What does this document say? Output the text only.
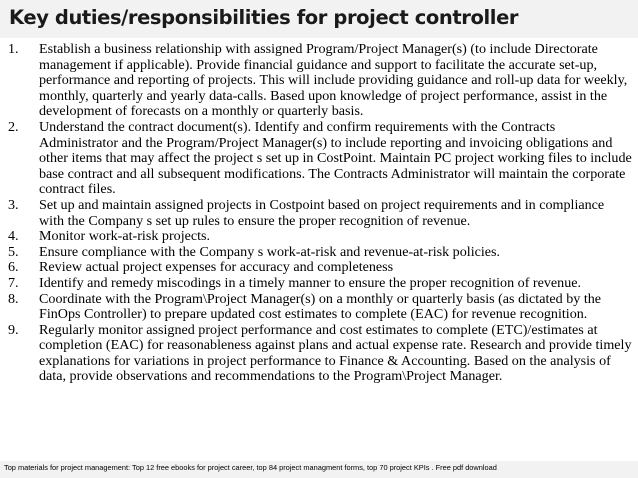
Key duties/responsibilities for project controller
1. Establish a business relationship with assigned Program/Project Manager(s) (to include Directorate management if applicable). Provide financial guidance and support to facilitate the accurate set-up, performance and reporting of projects. This will include providing guidance and roll-up data for weekly, monthly, quarterly and yearly data-calls. Based upon knowledge of project performance, assist in the development of forecasts on a monthly or quarterly basis.
2. Understand the contract document(s). Identify and confirm requirements with the Contracts Administrator and the Program/Project Manager(s) to include reporting and invoicing obligations and other items that may affect the project s set up in CostPoint. Maintain PC project working files to include base contract and all subsequent modifications. The Contracts Administrator will maintain the corporate contract files.
3. Set up and maintain assigned projects in Costpoint based on project requirements and in compliance with the Company s set up rules to ensure the proper recognition of revenue.
4. Monitor work-at-risk projects.
5. Ensure compliance with the Company s work-at-risk and revenue-at-risk policies.
6. Review actual project expenses for accuracy and completeness
7. Identify and remedy miscodings in a timely manner to ensure the proper recognition of revenue.
8. Coordinate with the Program\Project Manager(s) on a monthly or quarterly basis (as dictated by the FinOps Controller) to prepare updated cost estimates to complete (EAC) for revenue recognition.
9. Regularly monitor assigned project performance and cost estimates to complete (ETC)/estimates at completion (EAC) for reasonableness against plans and actual expense rate. Research and provide timely explanations for variations in project performance to Finance & Accounting. Based on the analysis of data, provide observations and recommendations to the Program\Project Manager.
Top materials for project management: Top 12 free ebooks for project career, top 84 project managment forms, top 70 project KPIs . Free pdf download
